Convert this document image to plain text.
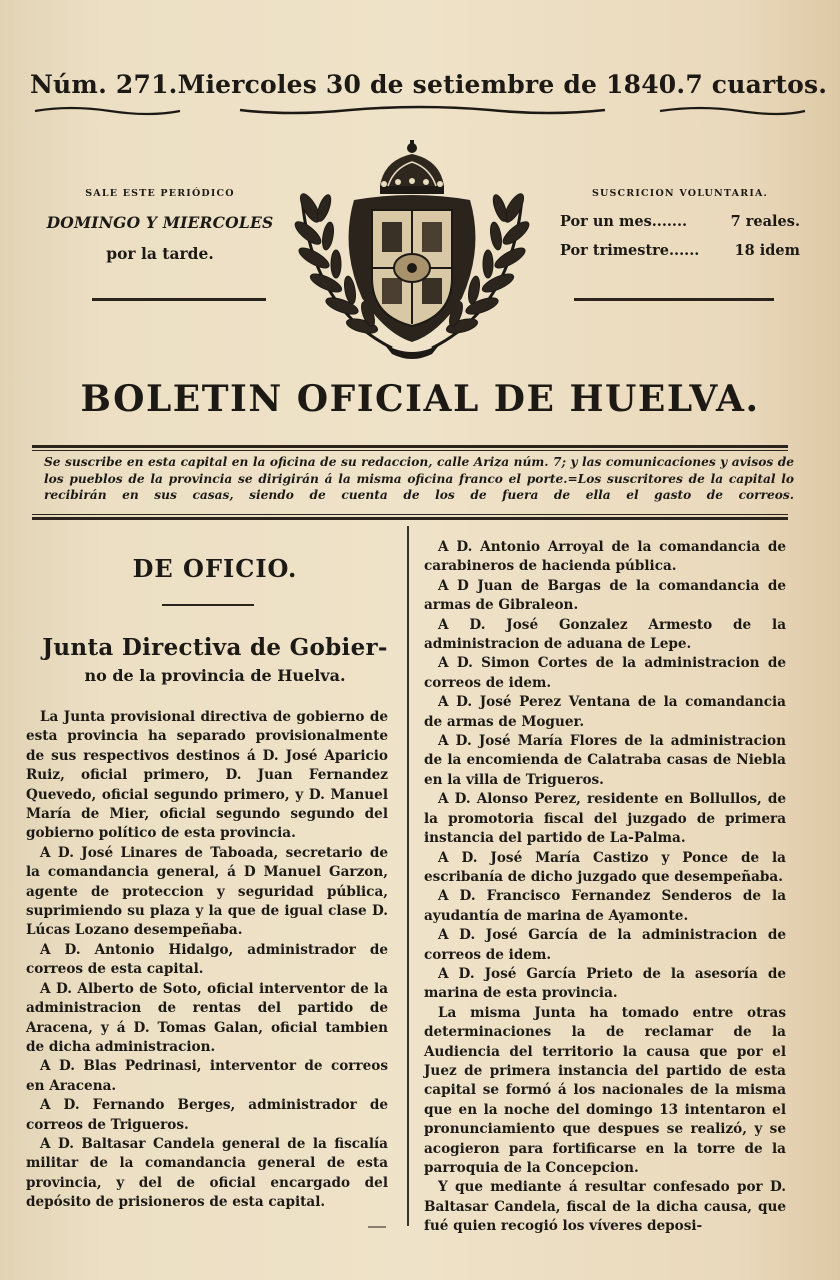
Núm. 271. Miercoles 30 de setiembre de 1840. 7 cuartos.
SALE ESTE PERIÓDICO
DOMINGO Y MIERCOLES
por la tarde.
SUSCRICION VOLUNTARIA.
Por un mes.......	7 reales.
Por trimestre...... 18 idem
BOLETIN OFICIAL DE HUELVA.
Se suscribe en esta capital en la oficina de su redaccion, calle Ariza núm. 7; y las comunicaciones y avisos de los pueblos de la provincia se dirigirán á la misma oficina franco el porte.=Los suscritores de la capital lo recibirán en sus casas, siendo de cuenta de los de fuera de ella el gasto de correos.
DE OFICIO.
Junta Directiva de Gobier-
no de la provincia de Huelva.

La Junta provisional directiva de gobierno de esta provincia ha separado provisionalmente de sus respectivos destinos á D. José Aparicio Ruiz, oficial primero, D. Juan Fernandez Quevedo, oficial segundo primero, y D. Manuel María de Mier, oficial segundo segundo del gobierno político de esta provincia.

A D. José Linares de Taboada, secretario de la comandancia general, á D Manuel Garzon, agente de proteccion y seguridad pública, suprimiendo su plaza y la que de igual clase D. Lúcas Lozano desempeñaba.

A D. Antonio Hidalgo, administrador de correos de esta capital.

A D. Alberto de Soto, oficial interventor de la administracion de rentas del partido de Aracena, y á D. Tomas Galan, oficial tambien de dicha administracion.

A D. Blas Pedrinasi, interventor de correos en Aracena.

A D. Fernando Berges, administrador de correos de Trigueros.

A D. Baltasar Candela general de la fiscalía militar de la comandancia general de esta provincia, y del de oficial encargado del depósito de prisioneros de esta capital.

A D. Antonio Arroyal de la comandancia de carabineros de hacienda pública.

A D Juan de Bargas de la comandancia de armas de Gibraleon.

A D. José Gonzalez Armesto de la administracion de aduana de Lepe.

A D. Simon Cortes de la administracion de correos de idem.

A D. José Perez Ventana de la comandancia de armas de Moguer.

A D. José María Flores de la administracion de la encomienda de Calatraba casas de Niebla en la villa de Trigueros.

A D. Alonso Perez, residente en Bollullos, de la promotoria fiscal del juzgado de primera instancia del partido de La-Palma.

A D. José María Castizo y Ponce de la escribanía de dicho juzgado que desempeñaba.

A D. Francisco Fernandez Senderos de la ayudantía de marina de Ayamonte.

A D. José García de la administracion de correos de idem.

A D. José García Prieto de la asesoría de marina de esta provincia.

La misma Junta ha tomado entre otras determinaciones la de reclamar de la Audiencia del territorio la causa que por el Juez de primera instancia del partido de esta capital se formó á los nacionales de la misma que en la noche del domingo 13 intentaron el pronunciamiento que despues se realizó, y se acogieron para fortificarse en la torre de la parroquia de la Concepcion.

Y que mediante á resultar confesado por D. Baltasar Candela, fiscal de la dicha causa, que fué quien recogió los víveres deposi-
